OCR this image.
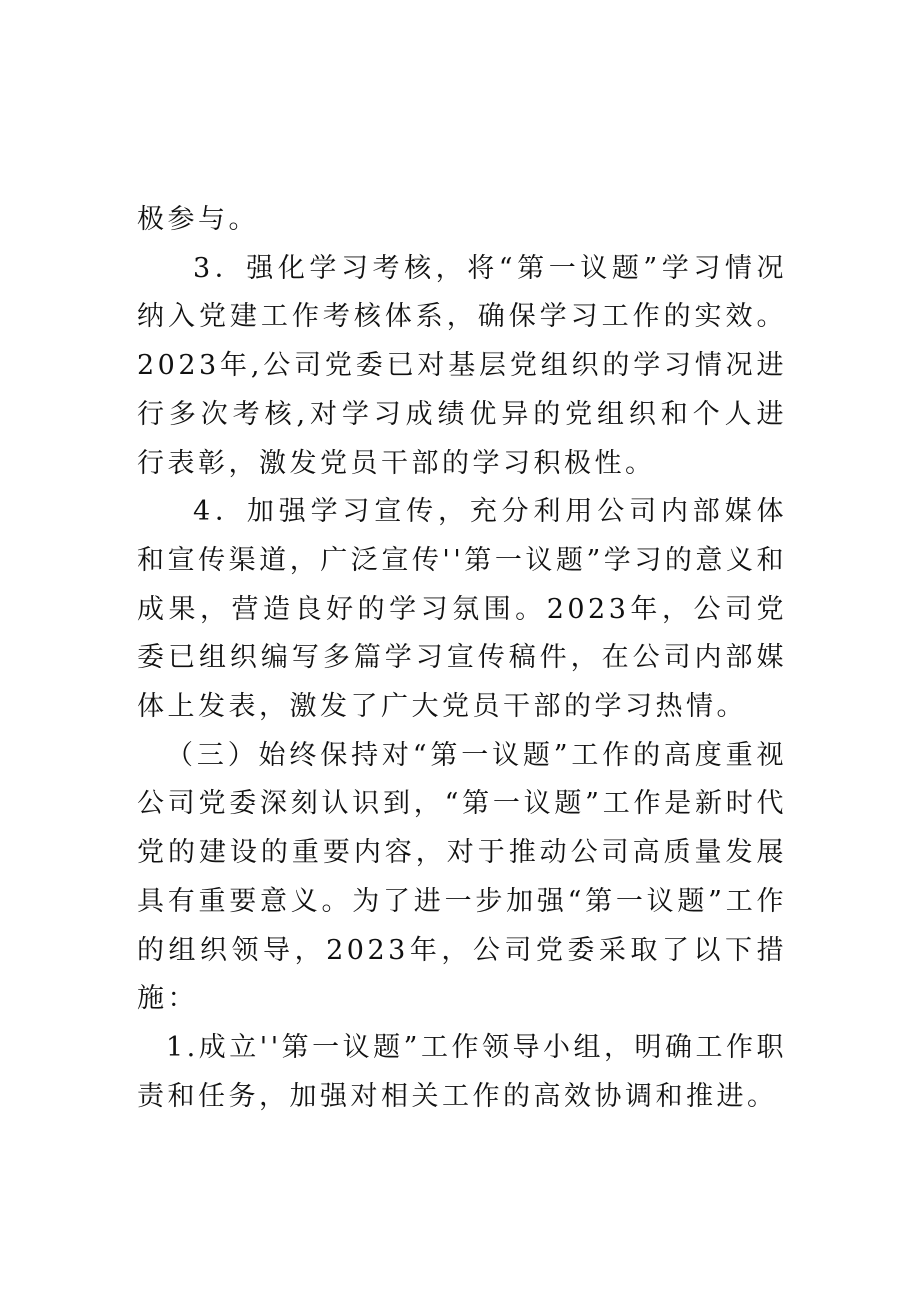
极参与。

3．强化学习考核，将“第一议题”学习情况纳入党建工作考核体系，确保学习工作的实效。2023年,公司党委已对基层党组织的学习情况进行多次考核,对学习成绩优异的党组织和个人进行表彰，激发党员干部的学习积极性。

4．加强学习宣传，充分利用公司内部媒体和宣传渠道，广泛宣传''第一议题”学习的意义和成果，营造良好的学习氛围。2023年，公司党委已组织编写多篇学习宣传稿件，在公司内部媒体上发表，激发了广大党员干部的学习热情。

（三）始终保持对“第一议题”工作的高度重视公司党委深刻认识到，“第一议题”工作是新时代党的建设的重要内容，对于推动公司高质量发展具有重要意义。为了进一步加强“第一议题”工作的组织领导，2023年，公司党委采取了以下措施：

1.成立''第一议题”工作领导小组，明确工作职责和任务，加强对相关工作的高效协调和推进。
